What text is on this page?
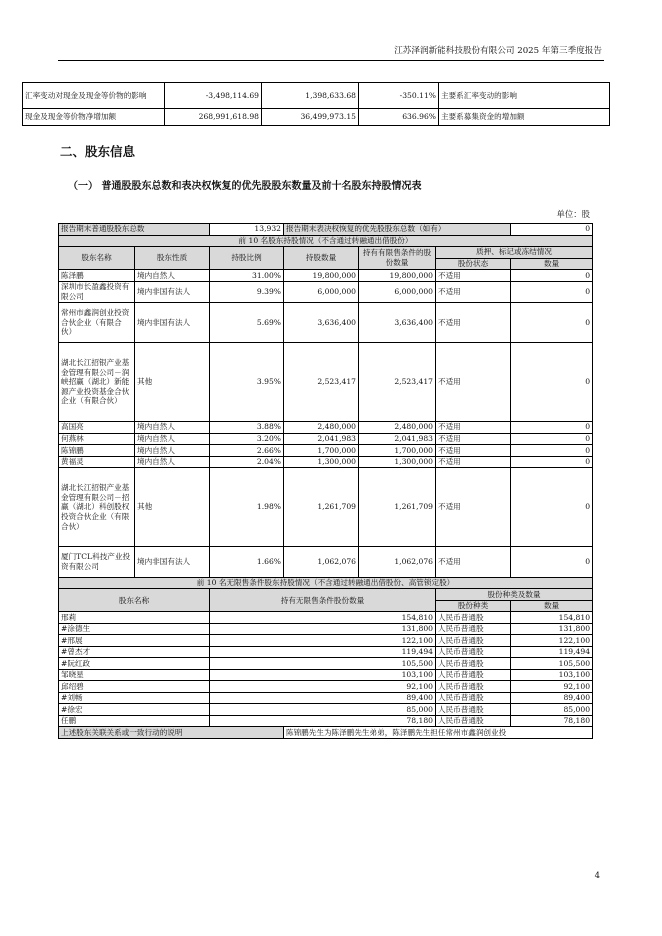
江苏泽润新能科技股份有限公司 2025 年第三季度报告
汇率变动对现金及现金等价物的影响	-3,498,114.69	1,398,633.68	-350.11%	主要系汇率变动的影响
现金及现金等价物净增加额	268,991,618.98	36,499,973.15	636.96%	主要系募集资金的增加额
二、股东信息
（一） 普通股股东总数和表决权恢复的优先股股东数量及前十名股东持股情况表
单位：股
报告期末普通股股东总数		13,932	报告期末表决权恢复的优先股股东总数（如有）			0
前 10 名股东持股情况（不含通过转融通出借股份）						
股东名称	股东性质	持股比例	持股数量	持有有限售条件的股份数量	质押、标记或冻结情况	
					股份状态	数量
陈泽鹏	境内自然人	31.00%	19,800,000	19,800,000	不适用	0
深圳市长盈鑫投资有限公司	境内非国有法人	9.39%	6,000,000	6,000,000	不适用	0
常州市鑫润创业投资合伙企业（有限合伙）	境内非国有法人	5.69%	3,636,400	3,636,400	不适用	0
湖北长江招银产业基金管理有限公司－润峡招赢（湖北）新能源产业投资基金合伙企业（有限合伙）	其他	3.95%	2,523,417	2,523,417	不适用	0
高国亮	境内自然人	3.88%	2,480,000	2,480,000	不适用	0
何燕林	境内自然人	3.20%	2,041,983	2,041,983	不适用	0
陈锦鹏	境内自然人	2.66%	1,700,000	1,700,000	不适用	0
黄福灵	境内自然人	2.04%	1,300,000	1,300,000	不适用	0
湖北长江招银产业基金管理有限公司－招赢（湖北）科创股权投资合伙企业（有限合伙）	其他	1.98%	1,261,709	1,261,709	不适用	0
厦门TCL科技产业投资有限公司	境内非国有法人	1.66%	1,062,076	1,062,076	不适用	0
前 10 名无限售条件股东持股情况（不含通过转融通出借股份、高管锁定股）						
股东名称		持有无限售条件股份数量			股份种类及数量	
					股份种类	数量
邢莉		154,810			人民币普通股	154,810
#涂德生		131,800			人民币普通股	131,800
#邢展		122,100			人民币普通股	122,100
#曾杰才		119,494			人民币普通股	119,494
#阮红政		105,500			人民币普通股	105,500
邹晓星		103,100			人民币普通股	103,100
邱绍碧		92,100			人民币普通股	92,100
#刘畅		89,400			人民币普通股	89,400
#徐宏		85,000			人民币普通股	85,000
任鹏		78,180			人民币普通股	78,180
上述股东关联关系或一致行动的说明			陈锦鹏先生为陈泽鹏先生弟弟，陈泽鹏先生担任常州市鑫润创业投			
4
